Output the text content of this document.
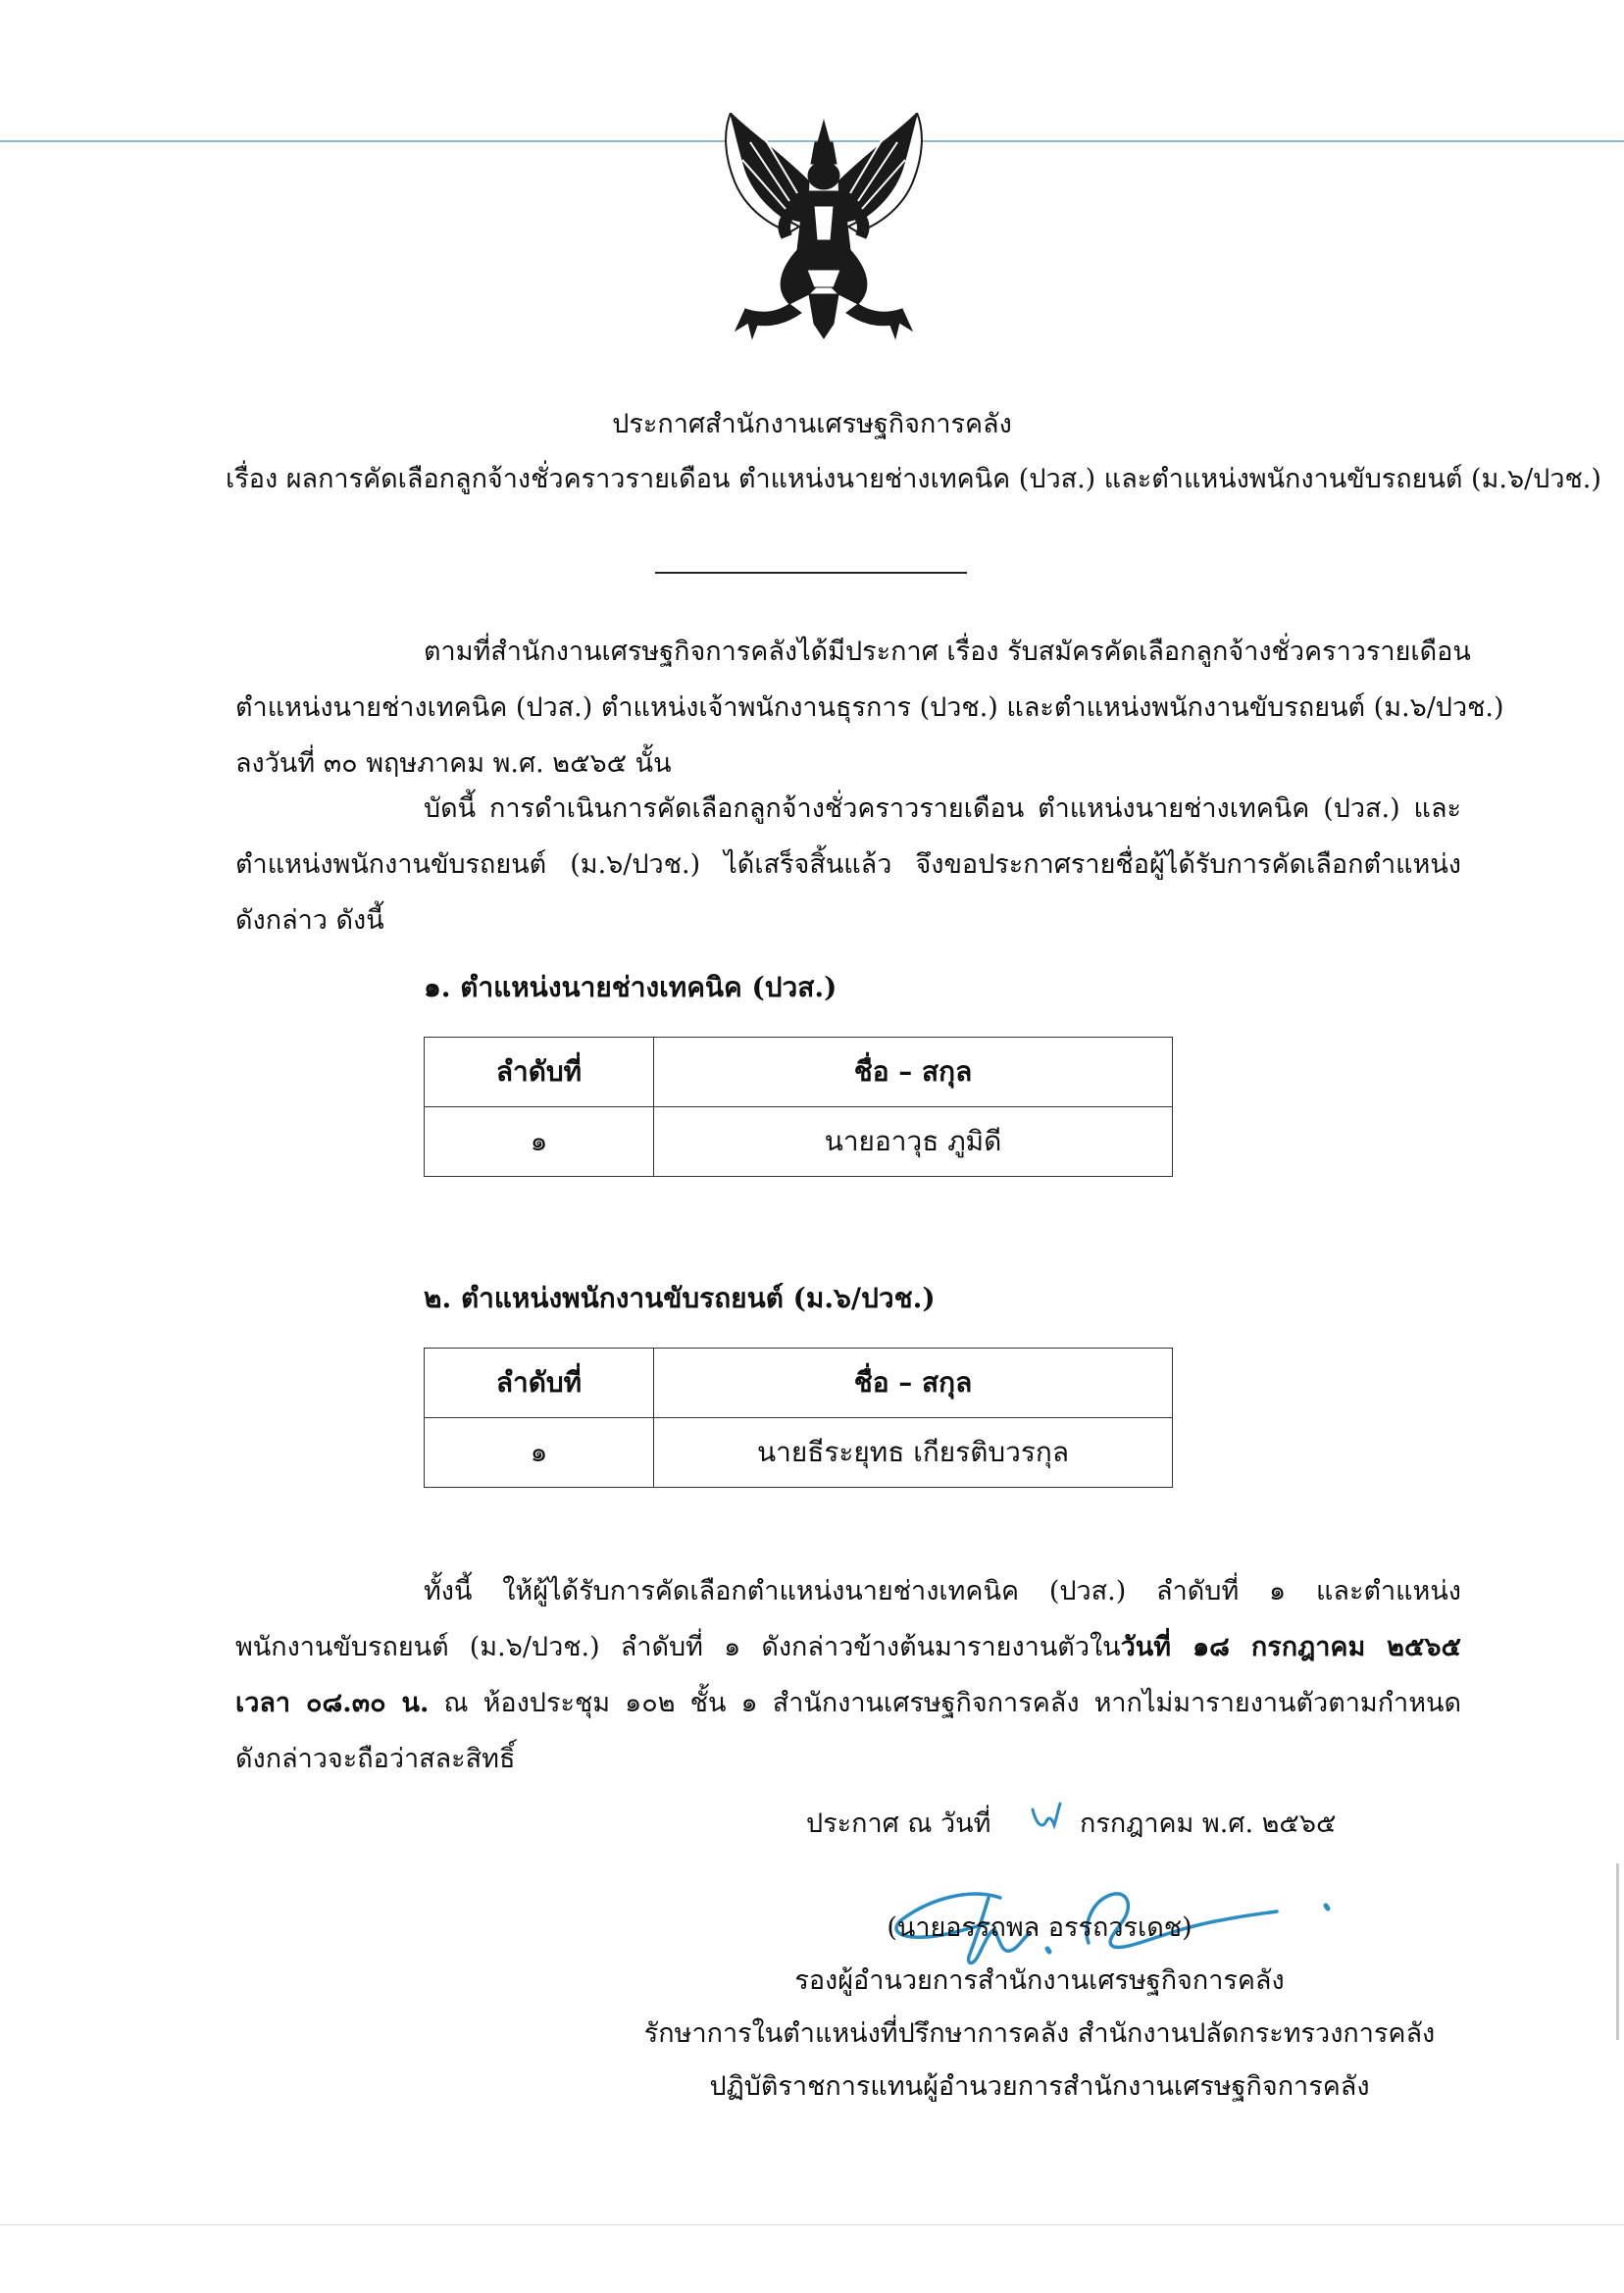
ประกาศสำนักงานเศรษฐกิจการคลัง
เรื่อง ผลการคัดเลือกลูกจ้างชั่วคราวรายเดือน ตำแหน่งนายช่างเทคนิค (ปวส.) และตำแหน่งพนักงานขับรถยนต์ (ม.๖/ปวช.)

ตามที่สำนักงานเศรษฐกิจการคลังได้มีประกาศ เรื่อง รับสมัครคัดเลือกลูกจ้างชั่วคราวรายเดือน

ตำแหน่งนายช่างเทคนิค (ปวส.) ตำแหน่งเจ้าพนักงานธุรการ (ปวช.) และตำแหน่งพนักงานขับรถยนต์ (ม.๖/ปวช.)

ลงวันที่ ๓๐ พฤษภาคม พ.ศ. ๒๕๖๕ นั้น

บัดนี้ การดำเนินการคัดเลือกลูกจ้างชั่วคราวรายเดือน ตำแหน่งนายช่างเทคนิค (ปวส.) และ

ตำแหน่งพนักงานขับรถยนต์ (ม.๖/ปวช.) ได้เสร็จสิ้นแล้ว จึงขอประกาศรายชื่อผู้ได้รับการคัดเลือกตำแหน่ง

ดังกล่าว ดังนี้

๑. ตำแหน่งนายช่างเทคนิค (ปวส.)
ลำดับที่	ชื่อ – สกุล
๑	นายอาวุธ ภูมิดี
๒. ตำแหน่งพนักงานขับรถยนต์ (ม.๖/ปวช.)
ลำดับที่	ชื่อ – สกุล
๑	นายธีระยุทธ เกียรติบวรกุล

ทั้งนี้ ให้ผู้ได้รับการคัดเลือกตำแหน่งนายช่างเทคนิค (ปวส.) ลำดับที่ ๑ และตำแหน่ง

พนักงานขับรถยนต์ (ม.๖/ปวช.) ลำดับที่ ๑ ดังกล่าวข้างต้นมารายงานตัวในวันที่ ๑๘ กรกฎาคม ๒๕๖๕

เวลา ๐๘.๓๐ น. ณ ห้องประชุม ๑๐๒ ชั้น ๑ สำนักงานเศรษฐกิจการคลัง หากไม่มารายงานตัวตามกำหนด

ดังกล่าวจะถือว่าสละสิทธิ์

ประกาศ ณ วันที่	กรกฎาคม พ.ศ. ๒๕๖๕
(นายอรรถพล อรรถวรเดช)
รองผู้อำนวยการสำนักงานเศรษฐกิจการคลัง
รักษาการในตำแหน่งที่ปรึกษาการคลัง สำนักงานปลัดกระทรวงการคลัง
ปฏิบัติราชการแทนผู้อำนวยการสำนักงานเศรษฐกิจการคลัง
